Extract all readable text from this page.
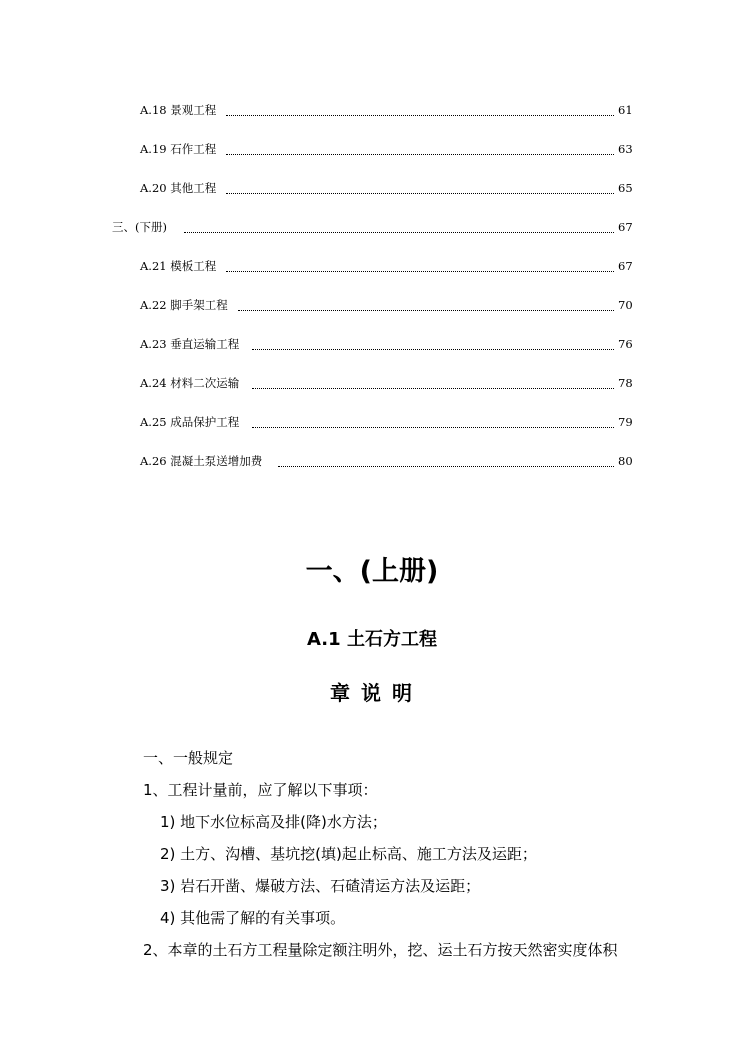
A.18 景观工程	61
A.19 石作工程	63
A.20 其他工程	65
三、(下册)	67
A.21 模板工程	67
A.22 脚手架工程	70
A.23 垂直运输工程	76
A.24 材料二次运输	78
A.25 成品保护工程	79
A.26 混凝土泵送增加费	80
一、(上册)
A.1 土石方工程
章 说 明
一、一般规定
1、工程计量前，应了解以下事项：
1) 地下水位标高及排(降)水方法；
2) 土方、沟槽、基坑挖(填)起止标高、施工方法及运距；
3) 岩石开凿、爆破方法、石碴清运方法及运距；
4) 其他需了解的有关事项。
2、本章的土石方工程量除定额注明外，挖、运土石方按天然密实度体积
